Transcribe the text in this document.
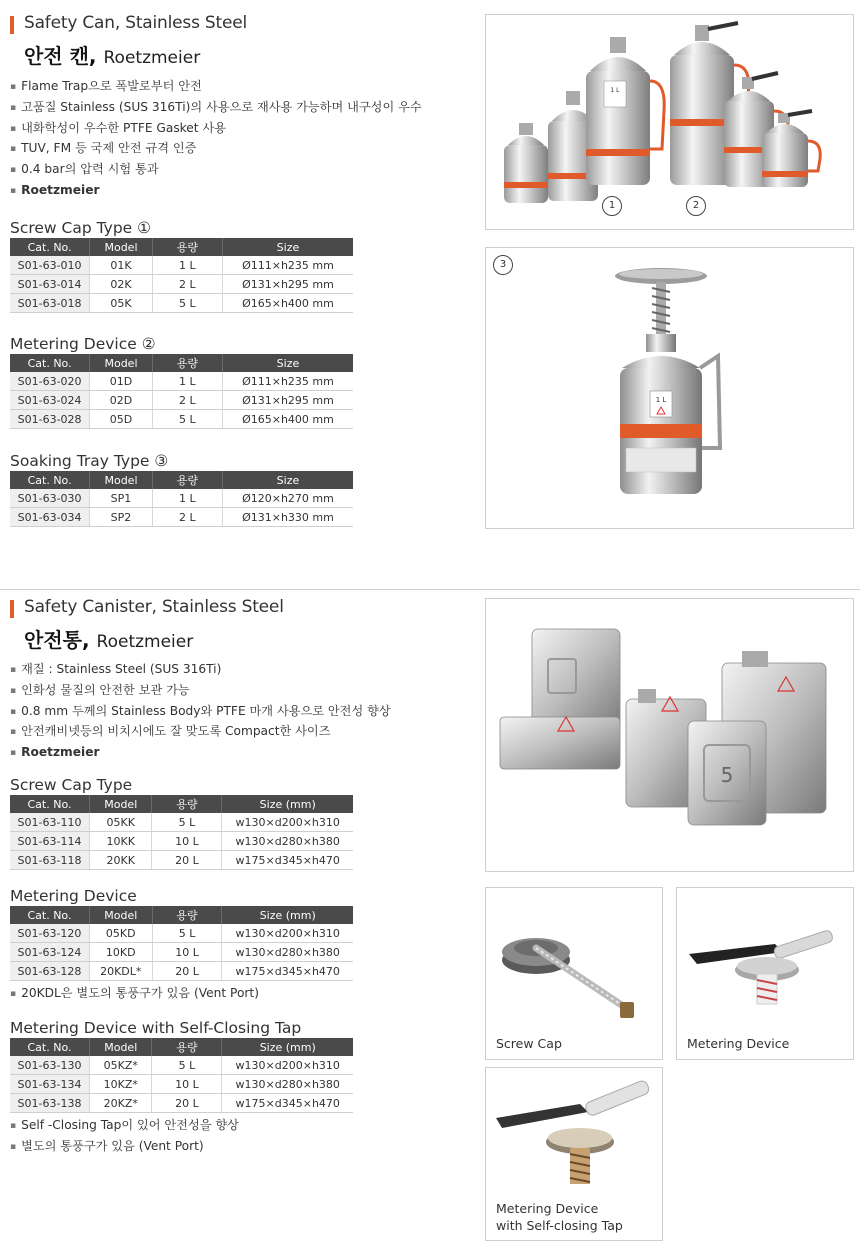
Safety Can, Stainless Steel
안전 캔, Roetzmeier
▪ Flame Trap으로 폭발로부터 안전
▪ 고품질 Stainless (SUS 316Ti)의 사용으로 재사용 가능하며 내구성이 우수
▪ 내화학성이 우수한 PTFE Gasket 사용
▪ TUV, FM 등 국제 안전 규격 인증
▪ 0.4 bar의 압력 시험 통과
▪ Roetzmeier
Screw Cap Type ①
Cat. No.	Model	용량	Size
S01-63-010	01K	1 L	Ø111×h235 mm
S01-63-014	02K	2 L	Ø131×h295 mm
S01-63-018	05K	5 L	Ø165×h400 mm
Metering Device ②
Cat. No.	Model	용량	Size
S01-63-020	01D	1 L	Ø111×h235 mm
S01-63-024	02D	2 L	Ø131×h295 mm
S01-63-028	05D	5 L	Ø165×h400 mm
Soaking Tray Type ③
Cat. No.	Model	용량	Size
S01-63-030	SP1	1 L	Ø120×h270 mm
S01-63-034	SP2	2 L	Ø131×h330 mm
1 L
1	2
3
1 L
Safety Canister, Stainless Steel
안전통, Roetzmeier
▪ 재질 : Stainless Steel (SUS 316Ti)
▪ 인화성 물질의 안전한 보관 가능
▪ 0.8 mm 두께의 Stainless Body와 PTFE 마개 사용으로 안전성 향상
▪ 안전캐비넷등의 비치시에도 잘 맞도록 Compact한 사이즈
▪ Roetzmeier
Screw Cap Type
Cat. No.	Model	용량	Size (mm)
S01-63-110	05KK	5 L	w130×d200×h310
S01-63-114	10KK	10 L	w130×d280×h380
S01-63-118	20KK	20 L	w175×d345×h470
Metering Device
Cat. No.	Model	용량	Size (mm)
S01-63-120	05KD	5 L	w130×d200×h310
S01-63-124	10KD	10 L	w130×d280×h380
S01-63-128	20KDL*	20 L	w175×d345×h470
▪ 20KDL은 별도의 통풍구가 있음 (Vent Port)
Metering Device with Self-Closing Tap
Cat. No.	Model	용량	Size (mm)
S01-63-130	05KZ*	5 L	w130×d200×h310
S01-63-134	10KZ*	10 L	w130×d280×h380
S01-63-138	20KZ*	20 L	w175×d345×h470
▪ Self -Closing Tap이 있어 안전성을 향상
▪ 별도의 통풍구가 있음 (Vent Port)
5
Screw Cap	Metering Device
Metering Device
with Self-closing Tap
